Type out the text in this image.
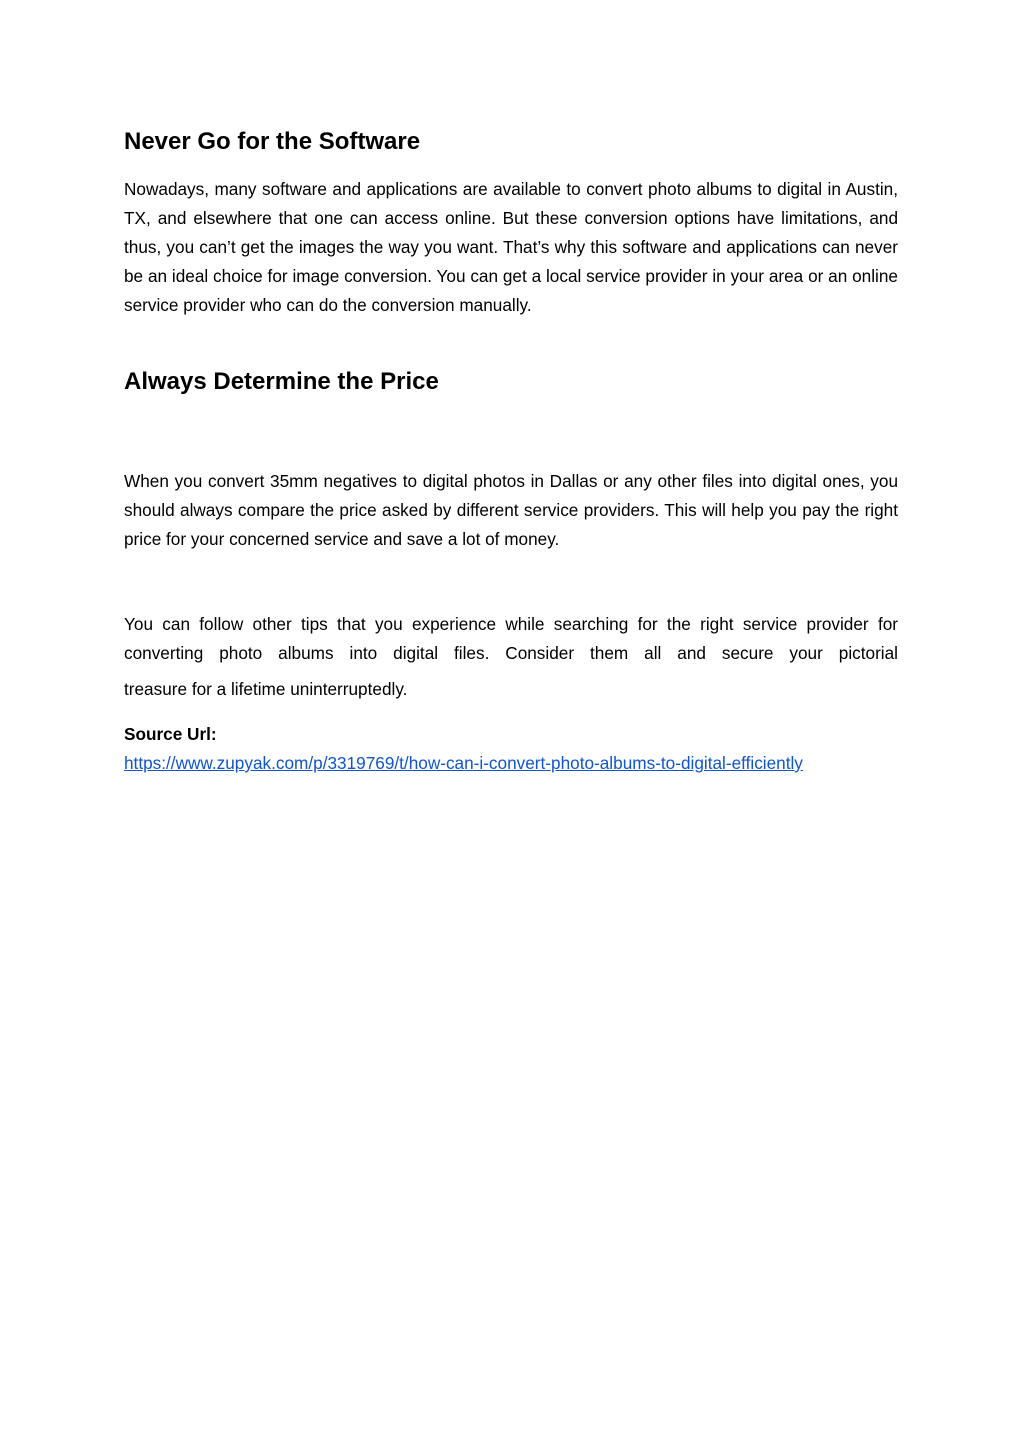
Never Go for the Software

Nowadays, many software and applications are available to convert photo albums to digital in Austin, TX, and elsewhere that one can access online. But these conversion options have limitations, and thus, you can’t get the images the way you want. That’s why this software and applications can never be an ideal choice for image conversion. You can get a local service provider in your area or an online service provider who can do the conversion manually.

Always Determine the Price

When you convert 35mm negatives to digital photos in Dallas or any other files into digital ones, you should always compare the price asked by different service providers. This will help you pay the right price for your concerned service and save a lot of money.

You can follow other tips that you experience while searching for the right service provider for converting photo albums into digital files. Consider them all and secure your pictorial treasure for a lifetime uninterruptedly.

Source Url:
https://www.zupyak.com/p/3319769/t/how-can-i-convert-photo-albums-to-digital-efficiently
